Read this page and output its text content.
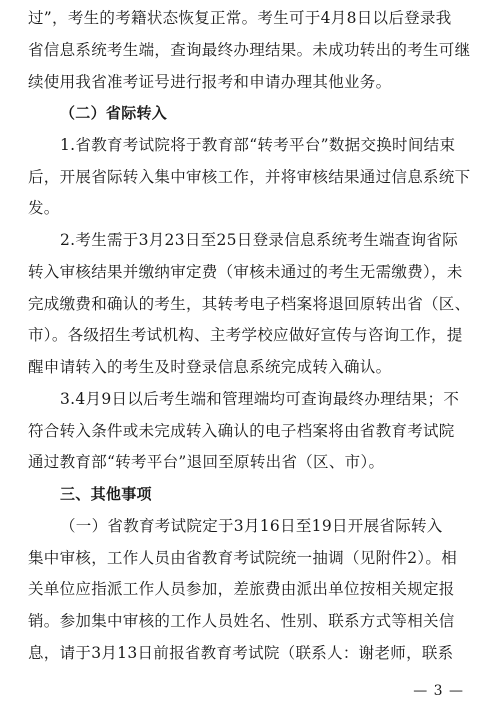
过”，考生的考籍状态恢复正常。考生可于4月8日以后登录我
省信息系统考生端，查询最终办理结果。未成功转出的考生可继
续使用我省准考证号进行报考和申请办理其他业务。
（二）省际转入
1.省教育考试院将于教育部“转考平台”数据交换时间结束
后，开展省际转入集中审核工作，并将审核结果通过信息系统下
发。
2.考生需于3月23日至25日登录信息系统考生端查询省际
转入审核结果并缴纳审定费（审核未通过的考生无需缴费），未
完成缴费和确认的考生，其转考电子档案将退回原转出省（区、
市）。各级招生考试机构、主考学校应做好宣传与咨询工作，提
醒申请转入的考生及时登录信息系统完成转入确认。
3.4月9日以后考生端和管理端均可查询最终办理结果；不
符合转入条件或未完成转入确认的电子档案将由省教育考试院
通过教育部“转考平台”退回至原转出省（区、市）。
三、其他事项
（一）省教育考试院定于3月16日至19日开展省际转入
集中审核，工作人员由省教育考试院统一抽调（见附件2）。相
关单位应指派工作人员参加，差旅费由派出单位按相关规定报
销。参加集中审核的工作人员姓名、性别、联系方式等相关信
息，请于3月13日前报省教育考试院（联系人：谢老师，联系
— 3 —
